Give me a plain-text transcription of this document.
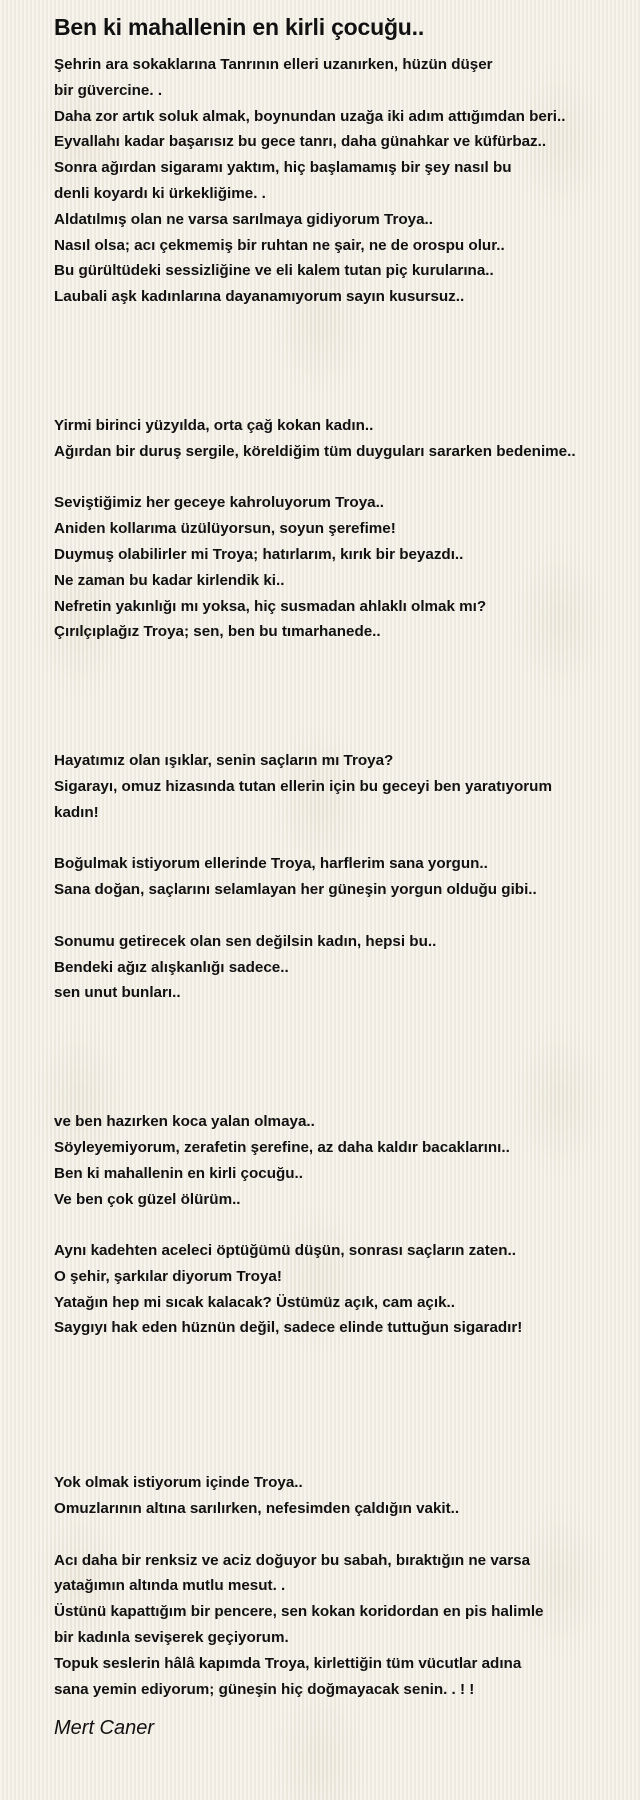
Ben ki mahallenin en kirli çocuğu..
Şehrin ara sokaklarına Tanrının elleri uzanırken, hüzün düşer
bir güvercine. .
Daha zor artık soluk almak, boynundan uzağa iki adım attığımdan beri..
Eyvallahı kadar başarısız bu gece tanrı, daha günahkar ve küfürbaz..
Sonra ağırdan sigaramı yaktım, hiç başlamamış bir şey nasıl bu
denli koyardı ki ürkekliğime. .
Aldatılmış olan ne varsa sarılmaya gidiyorum Troya..
Nasıl olsa; acı çekmemiş bir ruhtan ne şair, ne de orospu olur..
Bu gürültüdeki sessizliğine ve eli kalem tutan piç kurularına..
Laubali aşk kadınlarına dayanamıyorum sayın kusursuz..
Yirmi birinci yüzyılda, orta çağ kokan kadın..
Ağırdan bir duruş sergile, köreldiğim tüm duyguları sararken bedenime..
Seviştiğimiz her geceye kahroluyorum Troya..
Aniden kollarıma üzülüyorsun, soyun şerefime!
Duymuş olabilirler mi Troya; hatırlarım, kırık bir beyazdı..
Ne zaman bu kadar kirlendik ki..
Nefretin yakınlığı mı yoksa, hiç susmadan ahlaklı olmak mı?
Çırılçıplağız Troya; sen, ben bu tımarhanede..
Hayatımız olan ışıklar, senin saçların mı Troya?
Sigarayı, omuz hizasında tutan ellerin için bu geceyi ben yaratıyorum
kadın!
Boğulmak istiyorum ellerinde Troya, harflerim sana yorgun..
Sana doğan, saçlarını selamlayan her güneşin yorgun olduğu gibi..
Sonumu getirecek olan sen değilsin kadın, hepsi bu..
Bendeki ağız alışkanlığı sadece..
sen unut bunları..
ve ben hazırken koca yalan olmaya..
Söyleyemiyorum, zerafetin şerefine, az daha kaldır bacaklarını..
Ben ki mahallenin en kirli çocuğu..
Ve ben çok güzel ölürüm..
Aynı kadehten aceleci öptüğümü düşün, sonrası saçların zaten..
O şehir, şarkılar diyorum Troya!
Yatağın hep mi sıcak kalacak? Üstümüz açık, cam açık..
Saygıyı hak eden hüznün değil, sadece elinde tuttuğun sigaradır!
Yok olmak istiyorum içinde Troya..
Omuzlarının altına sarılırken, nefesimden çaldığın vakit..
Acı daha bir renksiz ve aciz doğuyor bu sabah, bıraktığın ne varsa
yatağımın altında mutlu mesut. .
Üstünü kapattığım bir pencere, sen kokan koridordan en pis halimle
bir kadınla sevişerek geçiyorum.
Topuk seslerin hâlâ kapımda Troya, kirlettiğin tüm vücutlar adına
sana yemin ediyorum; güneşin hiç doğmayacak senin. . ! !
Mert Caner
